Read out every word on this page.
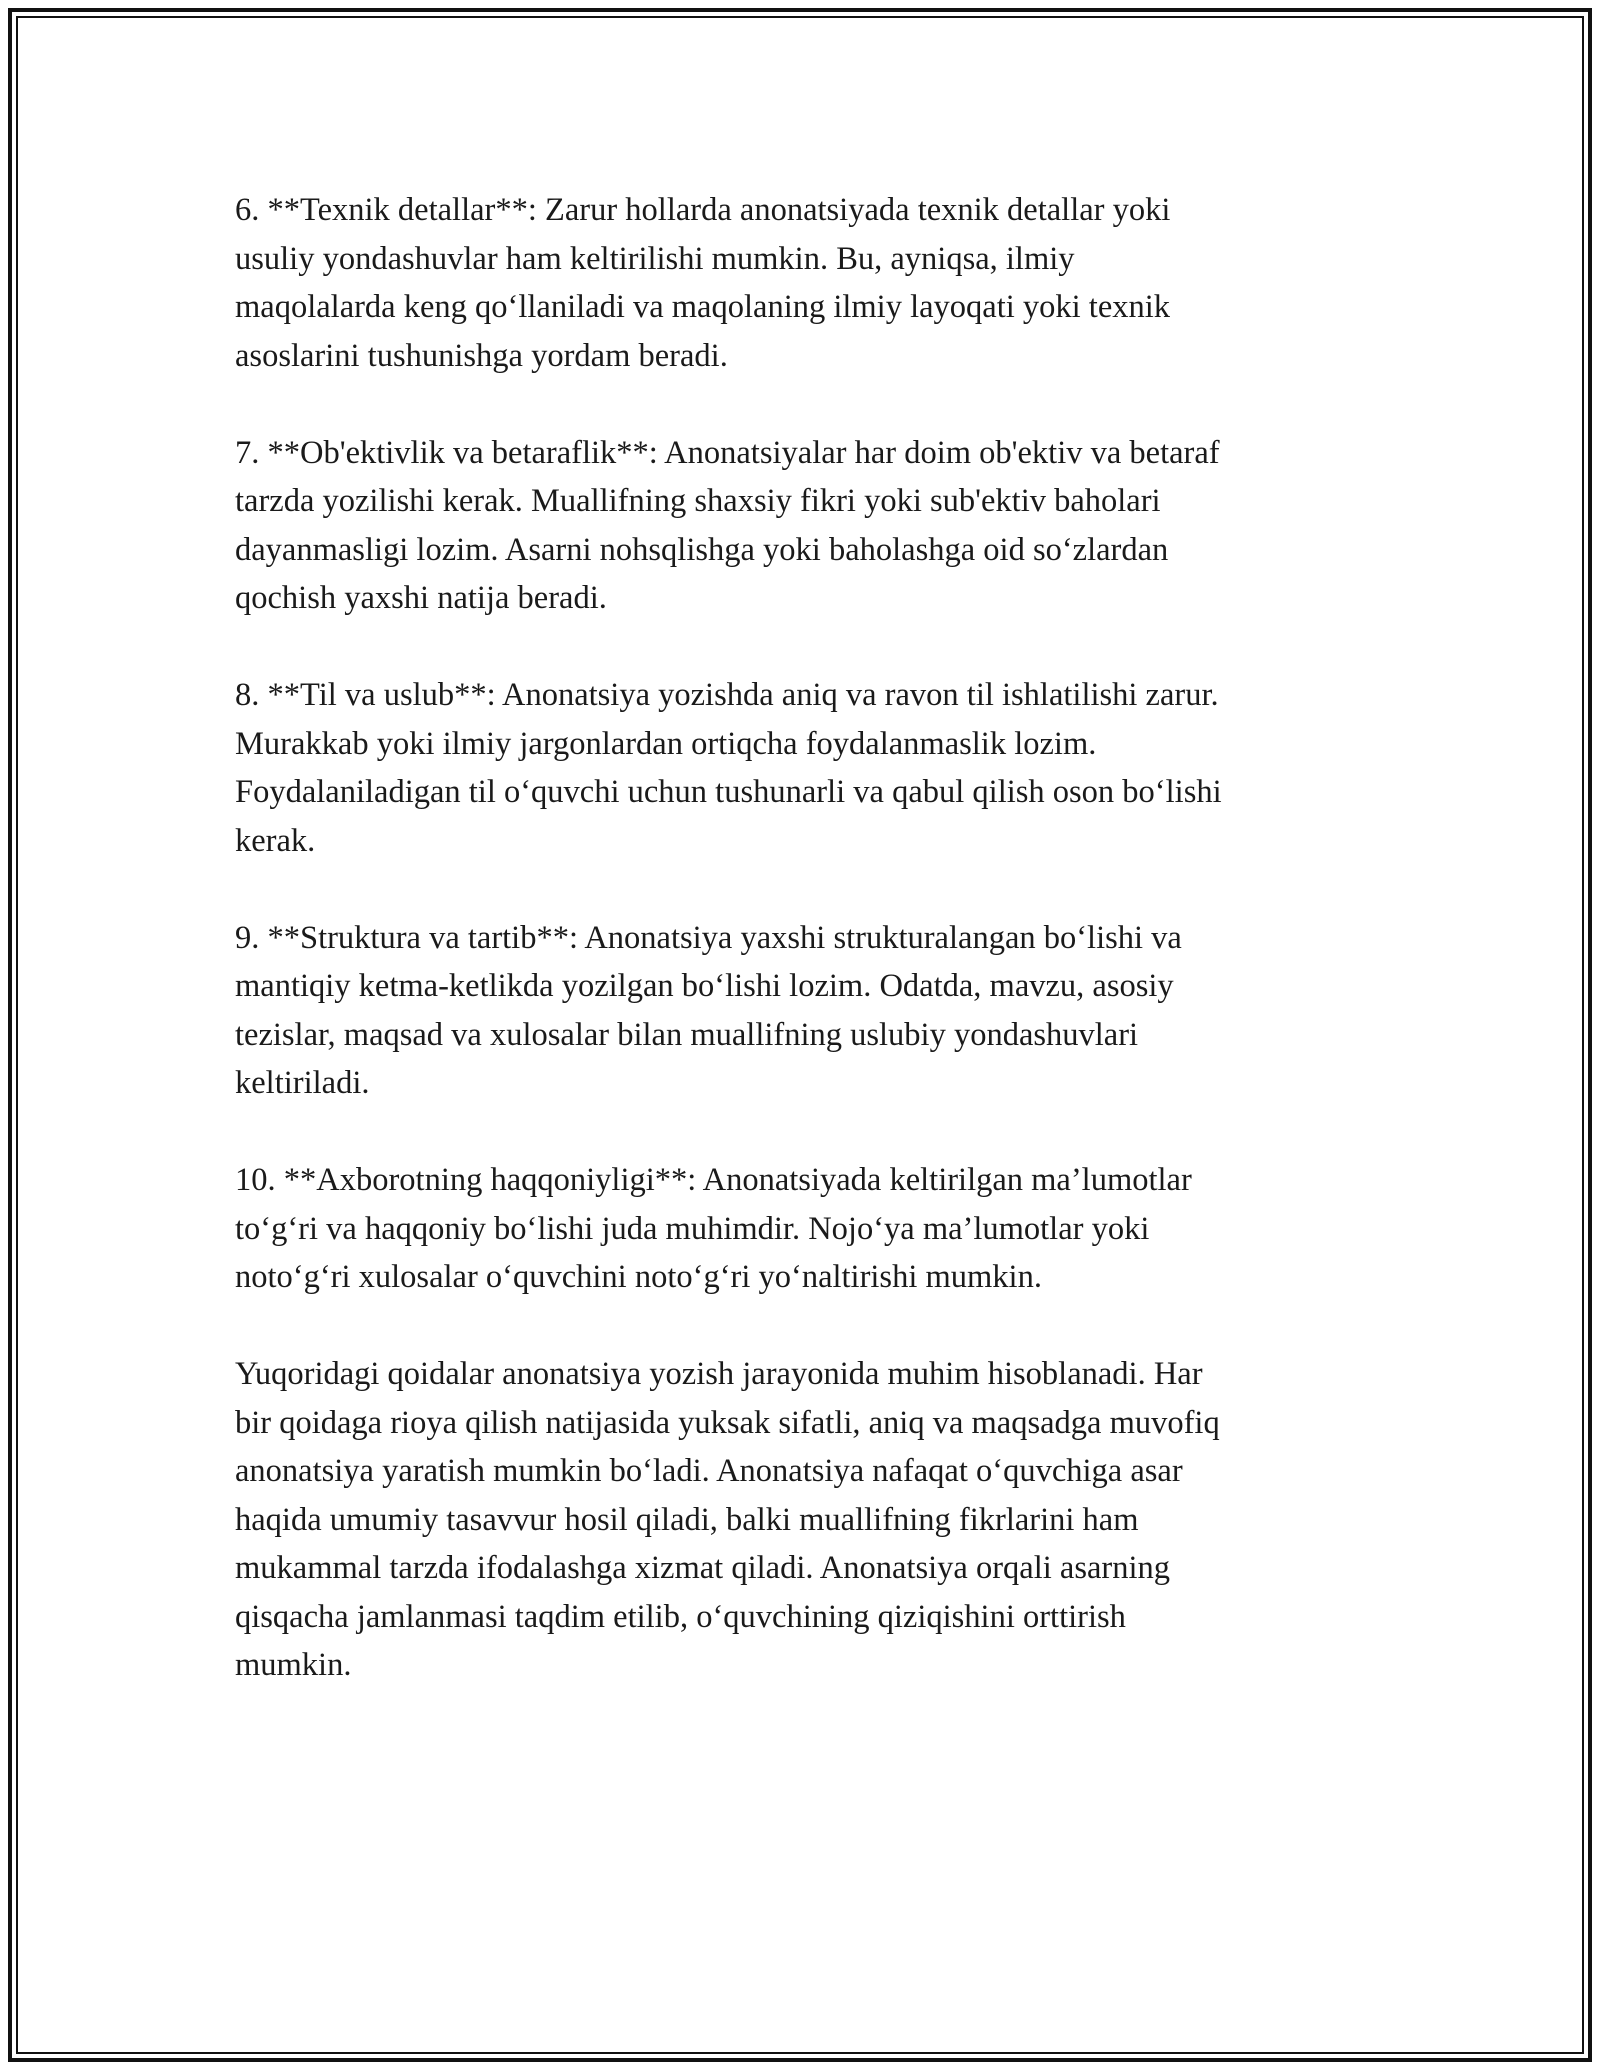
6. **Texnik detallar**: Zarur hollarda anonatsiyada texnik detallar yoki
usuliy yondashuvlar ham keltirilishi mumkin. Bu, ayniqsa, ilmiy
maqolalarda keng qo‘llaniladi va maqolaning ilmiy layoqati yoki texnik
asoslarini tushunishga yordam beradi.

7. **Ob'ektivlik va betaraflik**: Anonatsiyalar har doim ob'ektiv va betaraf
tarzda yozilishi kerak. Muallifning shaxsiy fikri yoki sub'ektiv baholari
dayanmasligi lozim. Asarni nohsqlishga yoki baholashga oid so‘zlardan
qochish yaxshi natija beradi.

8. **Til va uslub**: Anonatsiya yozishda aniq va ravon til ishlatilishi zarur.
Murakkab yoki ilmiy jargonlardan ortiqcha foydalanmaslik lozim.
Foydalaniladigan til o‘quvchi uchun tushunarli va qabul qilish oson bo‘lishi
kerak.

9. **Struktura va tartib**: Anonatsiya yaxshi strukturalangan bo‘lishi va
mantiqiy ketma-ketlikda yozilgan bo‘lishi lozim. Odatda, mavzu, asosiy
tezislar, maqsad va xulosalar bilan muallifning uslubiy yondashuvlari
keltiriladi.

10. **Axborotning haqqoniyligi**: Anonatsiyada keltirilgan ma’lumotlar
to‘g‘ri va haqqoniy bo‘lishi juda muhimdir. Nojo‘ya ma’lumotlar yoki
noto‘g‘ri xulosalar o‘quvchini noto‘g‘ri yo‘naltirishi mumkin.

Yuqoridagi qoidalar anonatsiya yozish jarayonida muhim hisoblanadi. Har
bir qoidaga rioya qilish natijasida yuksak sifatli, aniq va maqsadga muvofiq
anonatsiya yaratish mumkin bo‘ladi. Anonatsiya nafaqat o‘quvchiga asar
haqida umumiy tasavvur hosil qiladi, balki muallifning fikrlarini ham
mukammal tarzda ifodalashga xizmat qiladi. Anonatsiya orqali asarning
qisqacha jamlanmasi taqdim etilib, o‘quvchining qiziqishini orttirish
mumkin.
